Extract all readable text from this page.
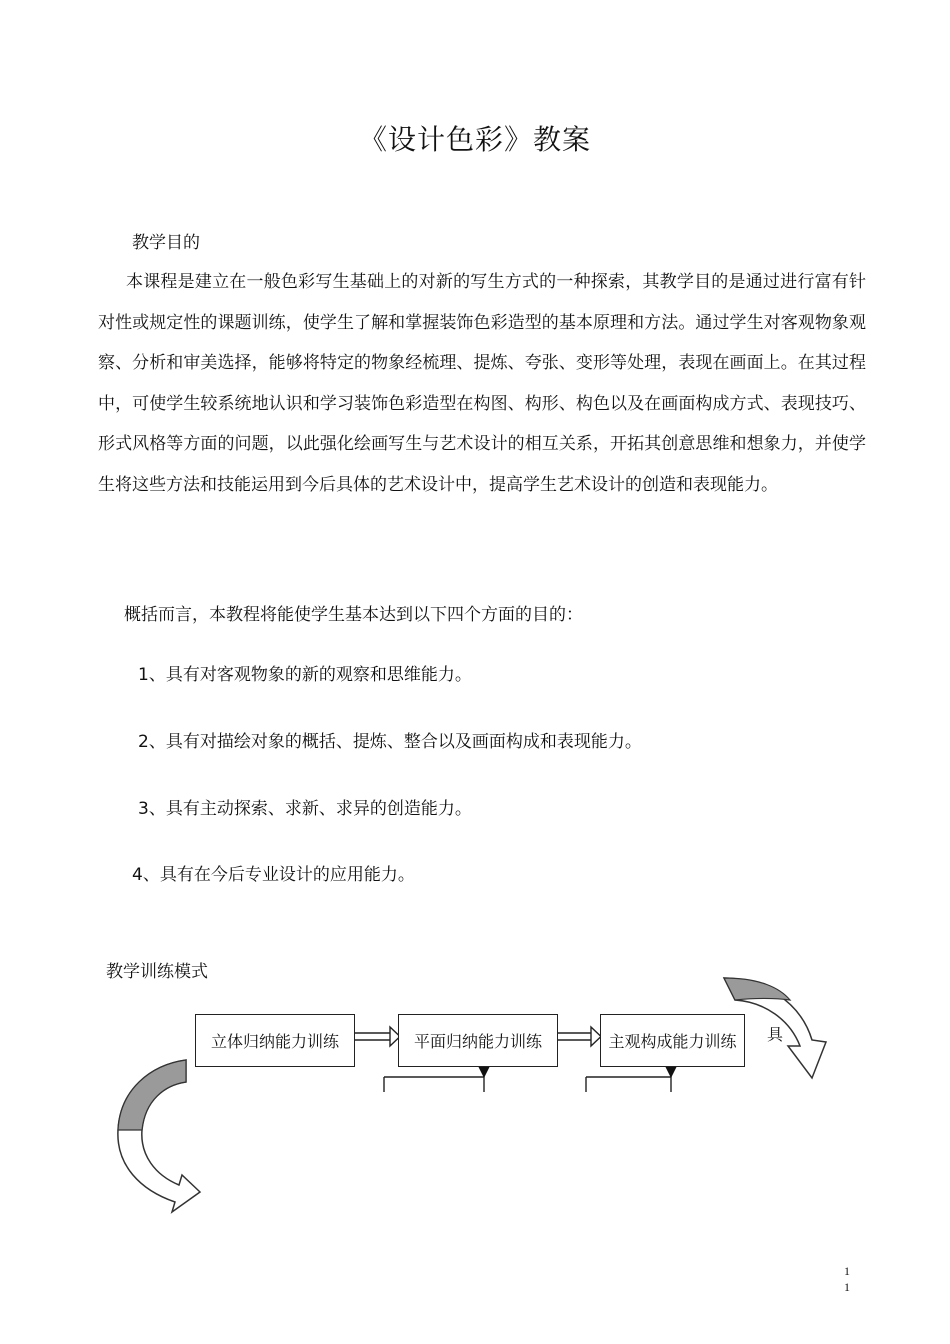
《设计色彩》教案
教学目的
本课程是建立在一般色彩写生基础上的对新的写生方式的一种探索，其教学目的是通过进行富有针对性或规定性的课题训练，使学生了解和掌握装饰色彩造型的基本原理和方法。通过学生对客观物象观察、分析和审美选择，能够将特定的物象经梳理、提炼、夸张、变形等处理，表现在画面上。在其过程中，可使学生较系统地认识和学习装饰色彩造型在构图、构形、构色以及在画面构成方式、表现技巧、形式风格等方面的问题，以此强化绘画写生与艺术设计的相互关系，开拓其创意思维和想象力，并使学生将这些方法和技能运用到今后具体的艺术设计中，提高学生艺术设计的创造和表现能力。
概括而言，本教程将能使学生基本达到以下四个方面的目的：
1、具有对客观物象的新的观察和思维能力。
2、具有对描绘对象的概括、提炼、整合以及画面构成和表现能力。
3、具有主动探索、求新、求异的创造能力。
4、具有在今后专业设计的应用能力。
教学训练模式
立体归纳能力训练	平面归纳能力训练	主观构成能力训练	具
1
1
